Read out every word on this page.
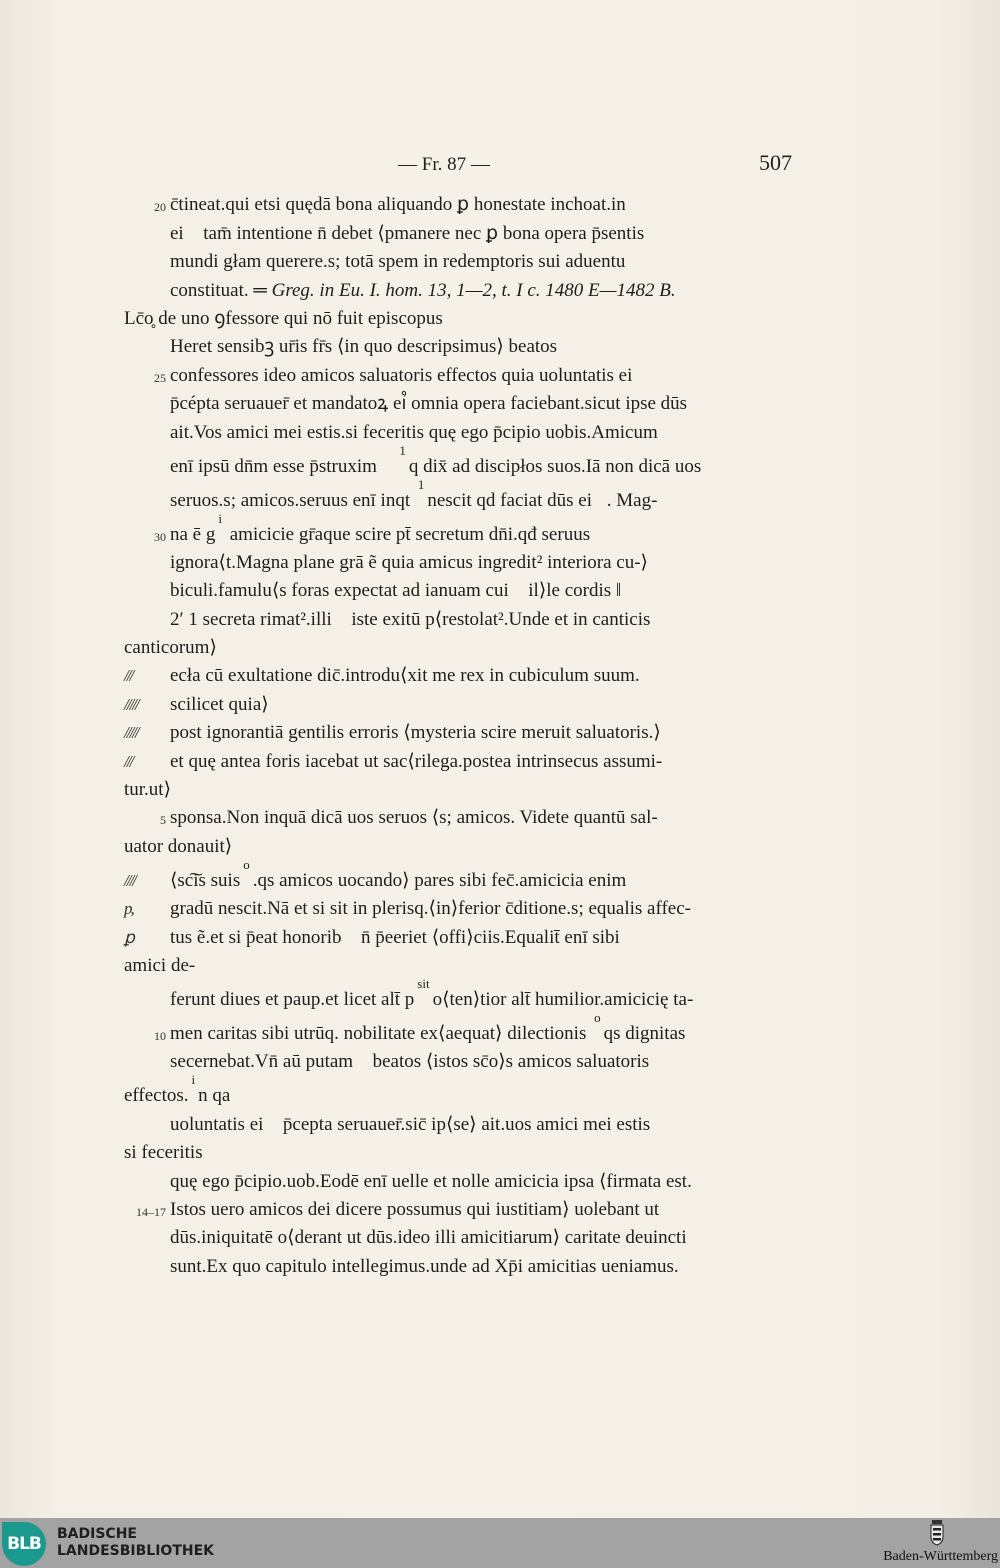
— Fr. 87 —	507
20 c̄tineat.qui etsi quędā bona aliquando ꝑ honestate inchoat.in
ei᷒ tam̄ intentione n̄ debet ⟨pmanere nec ꝑ bona opera p̄sentis
mundi głam querere.s; totā spem in redemptoris sui aduentu
constituat. ═ Greg. in Eu. I. hom. 13, 1—2, t. I c. 1480 E—1482 B.
Lc̄o̥ de uno ꝯfessore qui nō fuit episcopus
Heret sensibꝫ ur̄is fr̄s ⟨in quo descripsimus⟩ beatos
25 confessores ideo amicos saluatoris effectos quia uoluntatis ei᷒
p̄cépta seruauer̄ et mandatoꝝ ei᷒ omnia opera faciebant.sicut ipse dūs
ait.Vos amici mei estis.si feceritis quę ego p̄cipio uobis.Amicum
enī ipsū dn̄m esse p̄struxim᷒ 1q dix̄ ad discipłos suos.Iā non dicā uos
seruos.s; amicos.seruus enī inqt 1nescit qd faciat dūs ei᷒. Mag-
30 na ē gi amicicie gr̄aque scire pt̄ secretum dn̄i.qđ seruus
ignora⟨t.Magna plane grā ẽ quia amicus ingredit² interiora cu-⟩
biculi.famulu⟨s foras expectat ad ianuam cui᷒ il⟩le cordis ‖
2′ 1 secreta rimat².illi᷒ iste exitū p⟨restolat².Unde et in canticis
canticorum⟩
/// ecła cū exultatione dic̄.introdu⟨xit me rex in cubiculum suum.
///// scilicet quia⟩
///// post ignorantiā gentilis erroris ⟨mysteria scire meruit saluatoris.⟩
/// et quę antea foris iacebat ut sac⟨rilega.postea intrinsecus assumi-
tur.ut⟩
5 sponsa.Non inquā dicā uos seruos ⟨s; amicos. Videte quantū sal-
uator donauit⟩
//// ⟨sc͠is suiso.qs amicos uocando⟩ pares sibi fec̄.amicicia enim
p, gradū nescit.Nā et si sit in plerisq.⟨in⟩ferior c̄ditione.s; equalis affec-
ꝑ tus ẽ.et si p̄eat honorib᷒ n̄ p̄eeriet ⟨offi⟩ciis.Equalit̄ enī sibi
amici de-
ferunt diues et paup.et licet alt̄ psito⟨ten⟩tior alt̄ humilior.amicicię ta-
10 men caritas sibi utrūq. nobilitate ex⟨aequat⟩ dilectionis oqs dignitas
secernebat.Vn̄ aū putam᷒ beatos ⟨istos sc̄o⟩s amicos saluatoris
effectos.in qa
uoluntatis ei᷒ p̄cepta seruauer̄.sic̄ ip⟨se⟩ ait.uos amici mei estis
si feceritis
quę ego p̄cipio.uob.Eodē enī uelle et nolle amicicia ipsa ⟨firmata est.
14–17 Istos uero amicos dei dicere possumus qui iustitiam⟩ uolebant ut
dūs.iniquitatē o⟨derant ut dūs.ideo illi amicitiarum⟩ caritate deuincti
sunt.Ex quo capitulo intellegimus.unde ad Xp̄i amicitias ueniamus.
BLB	BADISCHE
LANDESBIBLIOTHEK	Baden-Württemberg
